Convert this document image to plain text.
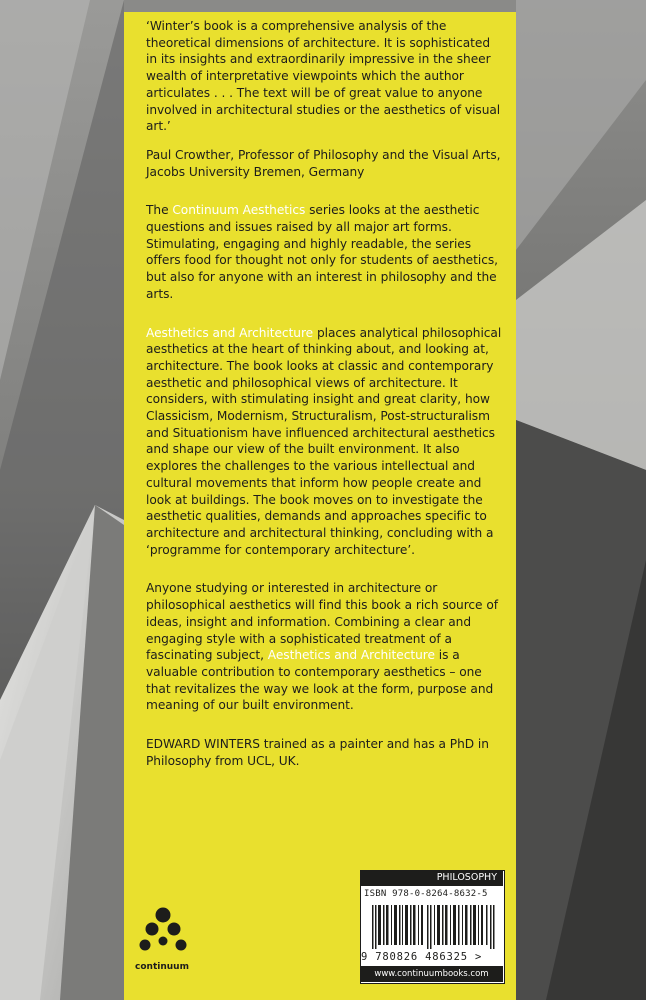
‘Winter’s book is a comprehensive analysis of the theoretical dimensions of architecture. It is sophisticated in its insights and extraordinarily impressive in the sheer wealth of interpretative viewpoints which the author articulates . . . The text will be of great value to anyone involved in architectural studies or the aesthetics of visual art.’

Paul Crowther, Professor of Philosophy and the Visual Arts, Jacobs University Bremen, Germany

The Continuum Aesthetics series looks at the aesthetic questions and issues raised by all major art forms. Stimulating, engaging and highly readable, the series offers food for thought not only for students of aesthetics, but also for anyone with an interest in philosophy and the arts.

Aesthetics and Architecture places analytical philosophical aesthetics at the heart of thinking about, and looking at, architecture. The book looks at classic and contemporary aesthetic and philosophical views of architecture. It considers, with stimulating insight and great clarity, how Classicism, Modernism, Structuralism, Post-structuralism and Situationism have influenced architectural aesthetics and shape our view of the built environment. It also explores the challenges to the various intellectual and cultural movements that inform how people create and look at buildings. The book moves on to investigate the aesthetic qualities, demands and approaches specific to architecture and architectural thinking, concluding with a ‘programme for contemporary architecture’.

Anyone studying or interested in architecture or philosophical aesthetics will find this book a rich source of ideas, insight and information. Combining a clear and engaging style with a sophisticated treatment of a fascinating subject, Aesthetics and Architecture is a valuable contribution to contemporary aesthetics – one that revitalizes the way we look at the form, purpose and meaning of our built environment.

EDWARD WINTERS trained as a painter and has a PhD in Philosophy from UCL, UK.

PHILOSOPHY
ISBN 978-0-8264-8632-5
9 780826 486325 >
www.continuumbooks.com
continuum
